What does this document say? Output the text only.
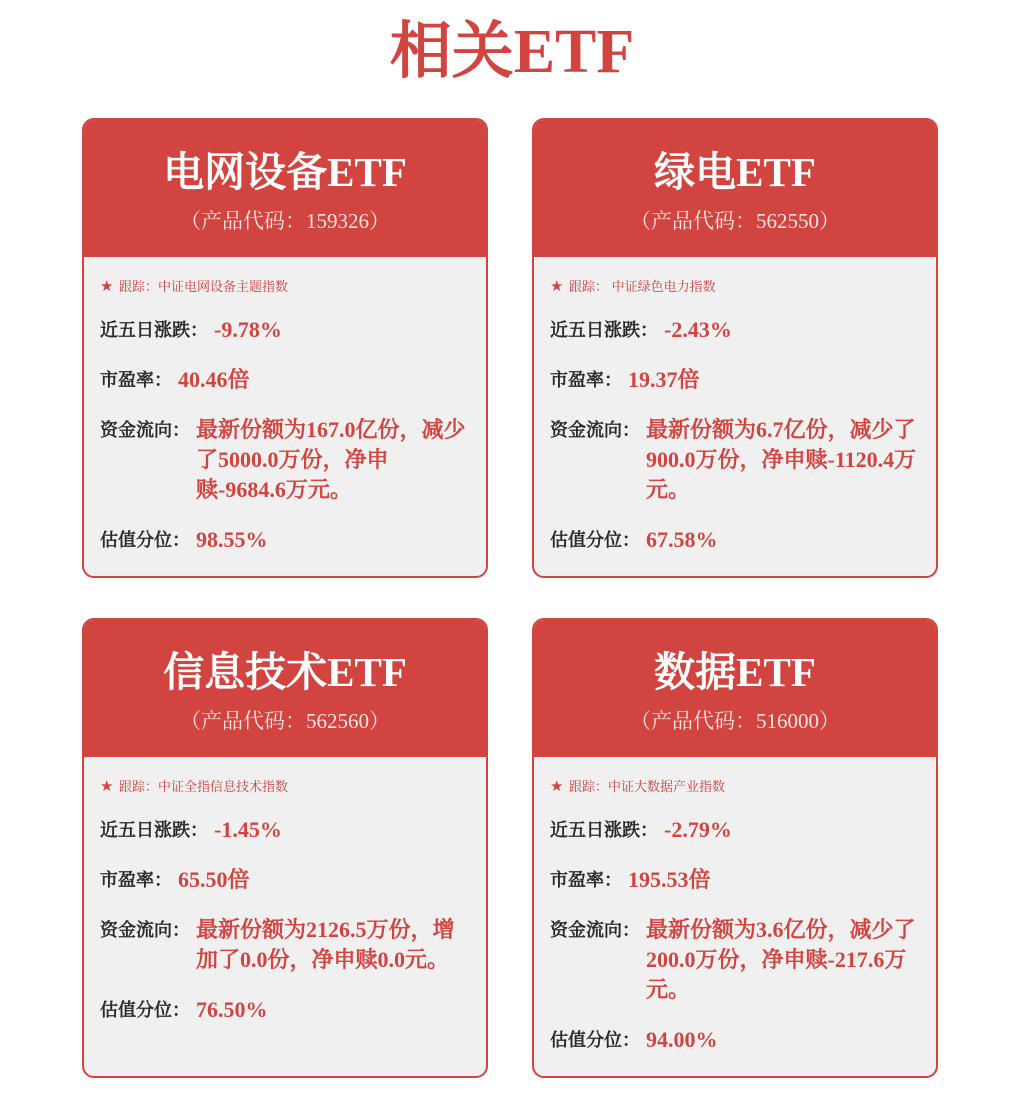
相关ETF
电网设备ETF
（产品代码：159326）
★ 跟踪： 中证电网设备主题指数
近五日涨跌： -9.78%
市盈率： 40.46倍
资金流向： 最新份额为167.0亿份，减少了5000.0万份，净申赎-9684.6万元。
估值分位： 98.55%
绿电ETF
（产品代码：562550）
★ 跟踪： 中证绿色电力指数
近五日涨跌： -2.43%
市盈率： 19.37倍
资金流向： 最新份额为6.7亿份，减少了900.0万份，净申赎-1120.4万元。
估值分位： 67.58%
信息技术ETF
（产品代码：562560）
★ 跟踪： 中证全指信息技术指数
近五日涨跌： -1.45%
市盈率： 65.50倍
资金流向： 最新份额为2126.5万份，增加了0.0份，净申赎0.0元。
估值分位： 76.50%
数据ETF
（产品代码：516000）
★ 跟踪： 中证大数据产业指数
近五日涨跌： -2.79%
市盈率： 195.53倍
资金流向： 最新份额为3.6亿份，减少了200.0万份，净申赎-217.6万元。
估值分位： 94.00%
